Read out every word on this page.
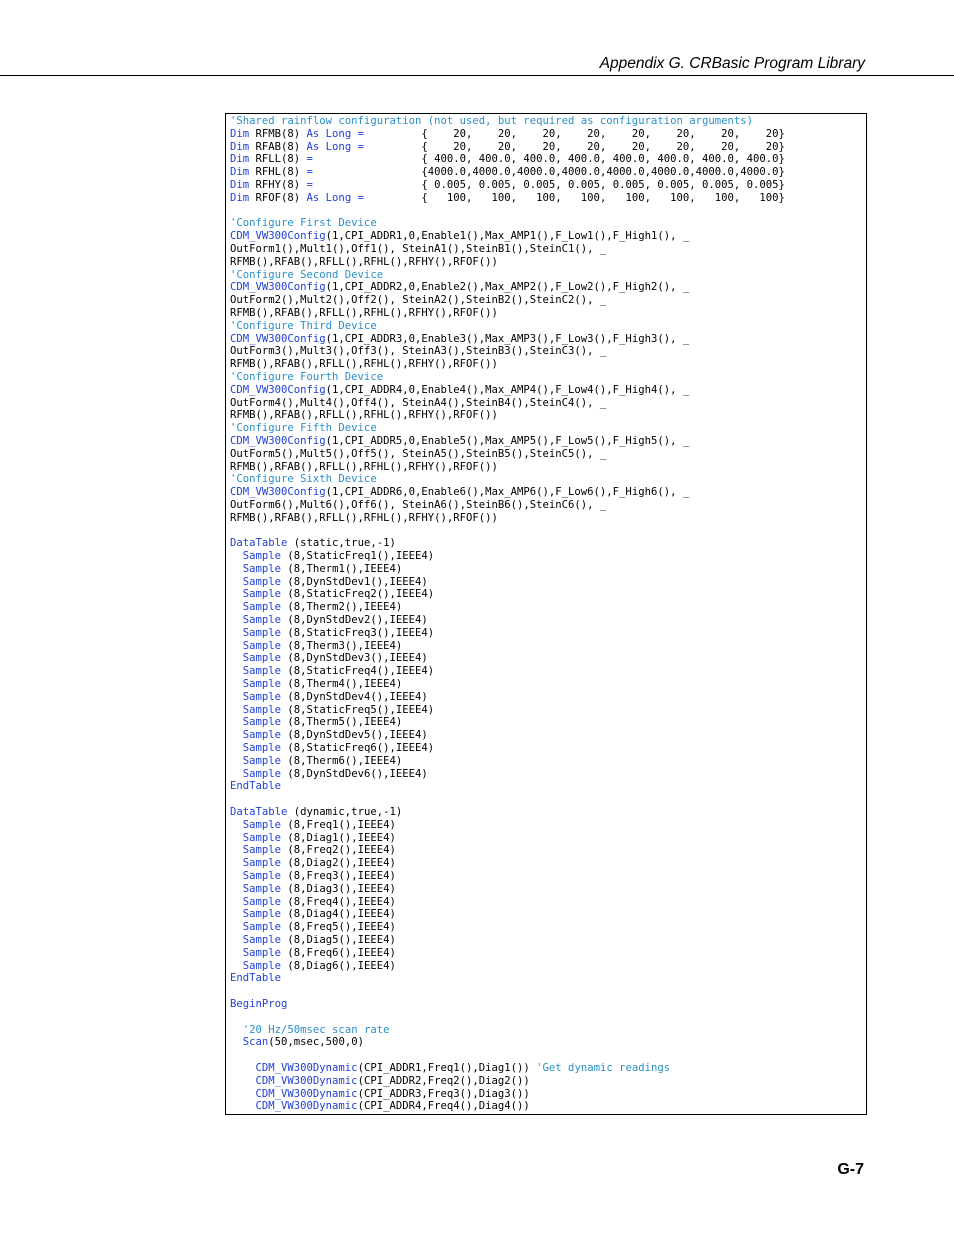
Appendix G. CRBasic Program Library
'Shared rainflow configuration (not used, but required as configuration arguments)
Dim RFMB(8) As Long =         {    20,    20,    20,    20,    20,    20,    20,    20}
Dim RFAB(8) As Long =         {    20,    20,    20,    20,    20,    20,    20,    20}
Dim RFLL(8) =                 { 400.0, 400.0, 400.0, 400.0, 400.0, 400.0, 400.0, 400.0}
Dim RFHL(8) =                 {4000.0,4000.0,4000.0,4000.0,4000.0,4000.0,4000.0,4000.0}
Dim RFHY(8) =                 { 0.005, 0.005, 0.005, 0.005, 0.005, 0.005, 0.005, 0.005}
Dim RFOF(8) As Long =         {   100,   100,   100,   100,   100,   100,   100,   100}

'Configure First Device
CDM_VW300Config(1,CPI_ADDR1,0,Enable1(),Max_AMP1(),F_Low1(),F_High1(), _
OutForm1(),Mult1(),Off1(), SteinA1(),SteinB1(),SteinC1(), _
RFMB(),RFAB(),RFLL(),RFHL(),RFHY(),RFOF())
'Configure Second Device
CDM_VW300Config(1,CPI_ADDR2,0,Enable2(),Max_AMP2(),F_Low2(),F_High2(), _
OutForm2(),Mult2(),Off2(), SteinA2(),SteinB2(),SteinC2(), _
RFMB(),RFAB(),RFLL(),RFHL(),RFHY(),RFOF())
'Configure Third Device
CDM_VW300Config(1,CPI_ADDR3,0,Enable3(),Max_AMP3(),F_Low3(),F_High3(), _
OutForm3(),Mult3(),Off3(), SteinA3(),SteinB3(),SteinC3(), _
RFMB(),RFAB(),RFLL(),RFHL(),RFHY(),RFOF())
'Configure Fourth Device
CDM_VW300Config(1,CPI_ADDR4,0,Enable4(),Max_AMP4(),F_Low4(),F_High4(), _
OutForm4(),Mult4(),Off4(), SteinA4(),SteinB4(),SteinC4(), _
RFMB(),RFAB(),RFLL(),RFHL(),RFHY(),RFOF())
'Configure Fifth Device
CDM_VW300Config(1,CPI_ADDR5,0,Enable5(),Max_AMP5(),F_Low5(),F_High5(), _
OutForm5(),Mult5(),Off5(), SteinA5(),SteinB5(),SteinC5(), _
RFMB(),RFAB(),RFLL(),RFHL(),RFHY(),RFOF())
'Configure Sixth Device
CDM_VW300Config(1,CPI_ADDR6,0,Enable6(),Max_AMP6(),F_Low6(),F_High6(), _
OutForm6(),Mult6(),Off6(), SteinA6(),SteinB6(),SteinC6(), _
RFMB(),RFAB(),RFLL(),RFHL(),RFHY(),RFOF())

DataTable (static,true,-1)
Sample (8,StaticFreq1(),IEEE4)
Sample (8,Therm1(),IEEE4)
Sample (8,DynStdDev1(),IEEE4)
Sample (8,StaticFreq2(),IEEE4)
Sample (8,Therm2(),IEEE4)
Sample (8,DynStdDev2(),IEEE4)
Sample (8,StaticFreq3(),IEEE4)
Sample (8,Therm3(),IEEE4)
Sample (8,DynStdDev3(),IEEE4)
Sample (8,StaticFreq4(),IEEE4)
Sample (8,Therm4(),IEEE4)
Sample (8,DynStdDev4(),IEEE4)
Sample (8,StaticFreq5(),IEEE4)
Sample (8,Therm5(),IEEE4)
Sample (8,DynStdDev5(),IEEE4)
Sample (8,StaticFreq6(),IEEE4)
Sample (8,Therm6(),IEEE4)
Sample (8,DynStdDev6(),IEEE4)
EndTable

DataTable (dynamic,true,-1)
Sample (8,Freq1(),IEEE4)
Sample (8,Diag1(),IEEE4)
Sample (8,Freq2(),IEEE4)
Sample (8,Diag2(),IEEE4)
Sample (8,Freq3(),IEEE4)
Sample (8,Diag3(),IEEE4)
Sample (8,Freq4(),IEEE4)
Sample (8,Diag4(),IEEE4)
Sample (8,Freq5(),IEEE4)
Sample (8,Diag5(),IEEE4)
Sample (8,Freq6(),IEEE4)
Sample (8,Diag6(),IEEE4)
EndTable

BeginProg

'20 Hz/50msec scan rate
Scan(50,msec,500,0)

CDM_VW300Dynamic(CPI_ADDR1,Freq1(),Diag1()) 'Get dynamic readings
CDM_VW300Dynamic(CPI_ADDR2,Freq2(),Diag2())
CDM_VW300Dynamic(CPI_ADDR3,Freq3(),Diag3())
CDM_VW300Dynamic(CPI_ADDR4,Freq4(),Diag4())
G-7
